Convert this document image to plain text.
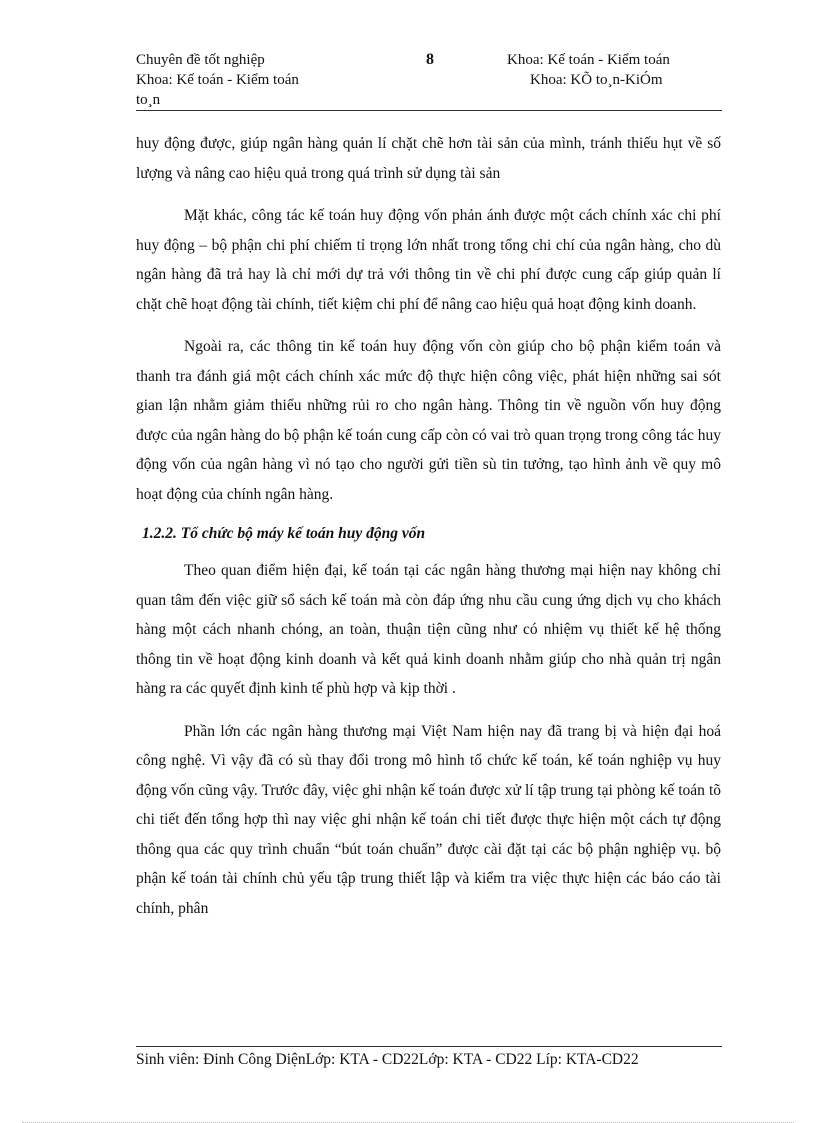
Chuyên đề tốt nghiệp
Khoa: Kế toán - Kiểm toán
to¸n
8	Khoa: Kế toán - Kiểm toán
Khoa: KÕ to¸n-KiÓm

huy động được, giúp ngân hàng quản lí chặt chẽ hơn tài sản của mình, tránh thiếu hụt về số lượng và nâng cao hiệu quả trong quá trình sử dụng tài sản

Mặt khác, công tác kế toán huy động vốn phản ánh được một cách chính xác chi phí huy động – bộ phận chi phí chiếm tỉ trọng lớn nhất trong tổng chi chí của ngân hàng, cho dù ngân hàng đã trả hay là chỉ mới dự trả với thông tin về chi phí được cung cấp giúp quản lí chặt chẽ hoạt động tài chính, tiết kiệm chi phí để nâng cao hiệu quả hoạt động kinh doanh.

Ngoài ra, các thông tin kế toán huy động vốn còn giúp cho bộ phận kiểm toán và thanh tra đánh giá một cách chính xác mức độ thực hiện công việc, phát hiện những sai sót gian lận nhằm giảm thiểu những rủi ro cho ngân hàng. Thông tin về nguồn vốn huy động được của ngân hàng do bộ phận kế toán cung cấp còn có vai trò quan trọng trong công tác huy động vốn của ngân hàng vì nó tạo cho người gửi tiền sù tin tưởng, tạo hình ảnh về quy mô hoạt động của chính ngân hàng.

1.2.2. Tổ chức bộ máy kế toán huy động vốn

Theo quan điểm hiện đại, kế toán tại các ngân hàng thương mại hiện nay không chỉ quan tâm đến việc giữ sổ sách kế toán mà còn đáp ứng nhu cầu cung ứng dịch vụ cho khách hàng một cách nhanh chóng, an toàn, thuận tiện cũng như có nhiệm vụ thiết kế hệ thống thông tin về hoạt động kinh doanh và kết quả kinh doanh nhằm giúp cho nhà quản trị ngân hàng ra các quyết định kinh tế phù hợp và kịp thời .

Phần lớn các ngân hàng thương mại Việt Nam hiện nay đã trang bị và hiện đại hoá công nghệ. Vì vậy đã có sù thay đổi trong mô hình tổ chức kế toán, kế toán nghiệp vụ huy động vốn cũng vậy. Trước đây, việc ghi nhận kế toán được xử lí tập trung tại phòng kế toán tõ chi tiết đến tổng hợp thì nay việc ghi nhận kế toán chi tiết được thực hiện một cách tự động thông qua các quy trình chuẩn “bút toán chuẩn” được cài đặt tại các bộ phận nghiệp vụ. bộ phận kế toán tài chính chủ yếu tập trung thiết lập và kiểm tra việc thực hiện các báo cáo tài chính, phân

Sinh viên: Đinh Công DiệnLớp: KTA - CD22Lớp: KTA - CD22 Líp: KTA-CD22
